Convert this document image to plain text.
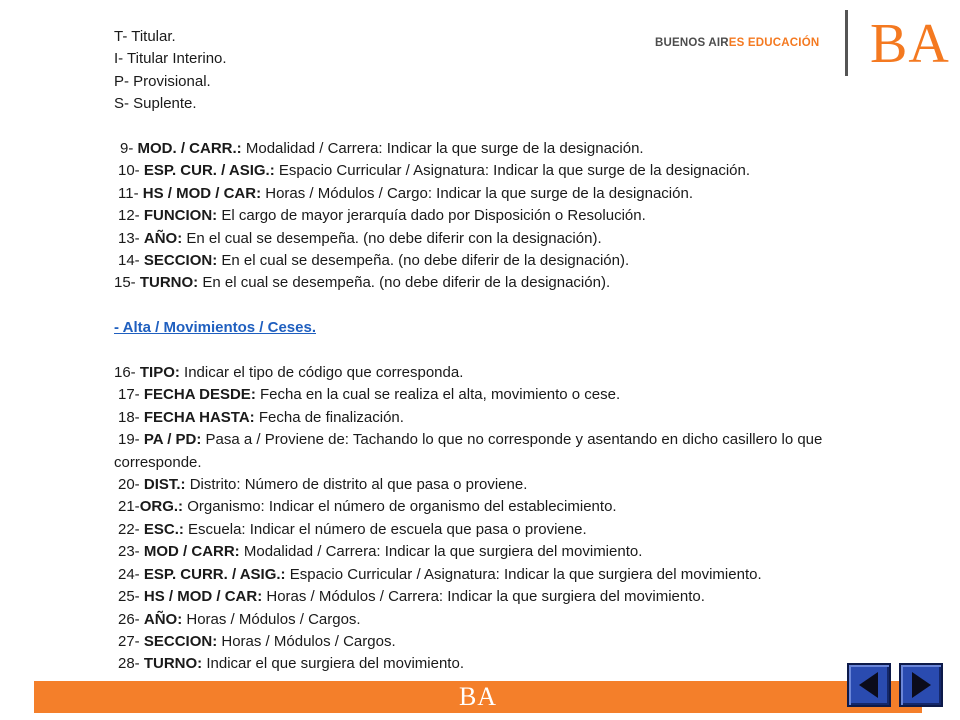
BUENOS AIRES EDUCACIÓN BA
T- Titular.
I- Titular Interino.
P- Provisional.
S- Suplente.
9- MOD. / CARR.: Modalidad / Carrera: Indicar la que surge de la designación.
10- ESP. CUR. / ASIG.: Espacio Curricular / Asignatura: Indicar la que surge de la designación.
11- HS / MOD / CAR: Horas / Módulos / Cargo: Indicar la que surge de la designación.
12- FUNCION: El cargo de mayor jerarquía dado por Disposición o Resolución.
13- AÑO: En el cual se desempeña. (no debe diferir con la designación).
14- SECCION: En el cual se desempeña. (no debe diferir de la designación).
15- TURNO: En el cual se desempeña. (no debe diferir de la designación).
- Alta / Movimientos / Ceses.
16- TIPO: Indicar el tipo de código que corresponda.
17- FECHA DESDE: Fecha en la cual se realiza el alta, movimiento o cese.
18- FECHA HASTA: Fecha de finalización.
19- PA / PD: Pasa a / Proviene de: Tachando lo que no corresponde y asentando en dicho casillero lo que corresponde.
20- DIST.: Distrito: Número de distrito al que pasa o proviene.
21-ORG.: Organismo: Indicar el número de organismo del establecimiento.
22- ESC.: Escuela: Indicar el número de escuela que pasa o proviene.
23- MOD / CARR: Modalidad / Carrera: Indicar la que surgiera del movimiento.
24- ESP. CURR. / ASIG.: Espacio Curricular / Asignatura: Indicar la que surgiera del movimiento.
25- HS / MOD / CAR: Horas / Módulos / Carrera: Indicar la que surgiera del movimiento.
26- AÑO: Horas / Módulos / Cargos.
27- SECCION: Horas / Módulos / Cargos.
28- TURNO: Indicar el que surgiera del movimiento.
BA
